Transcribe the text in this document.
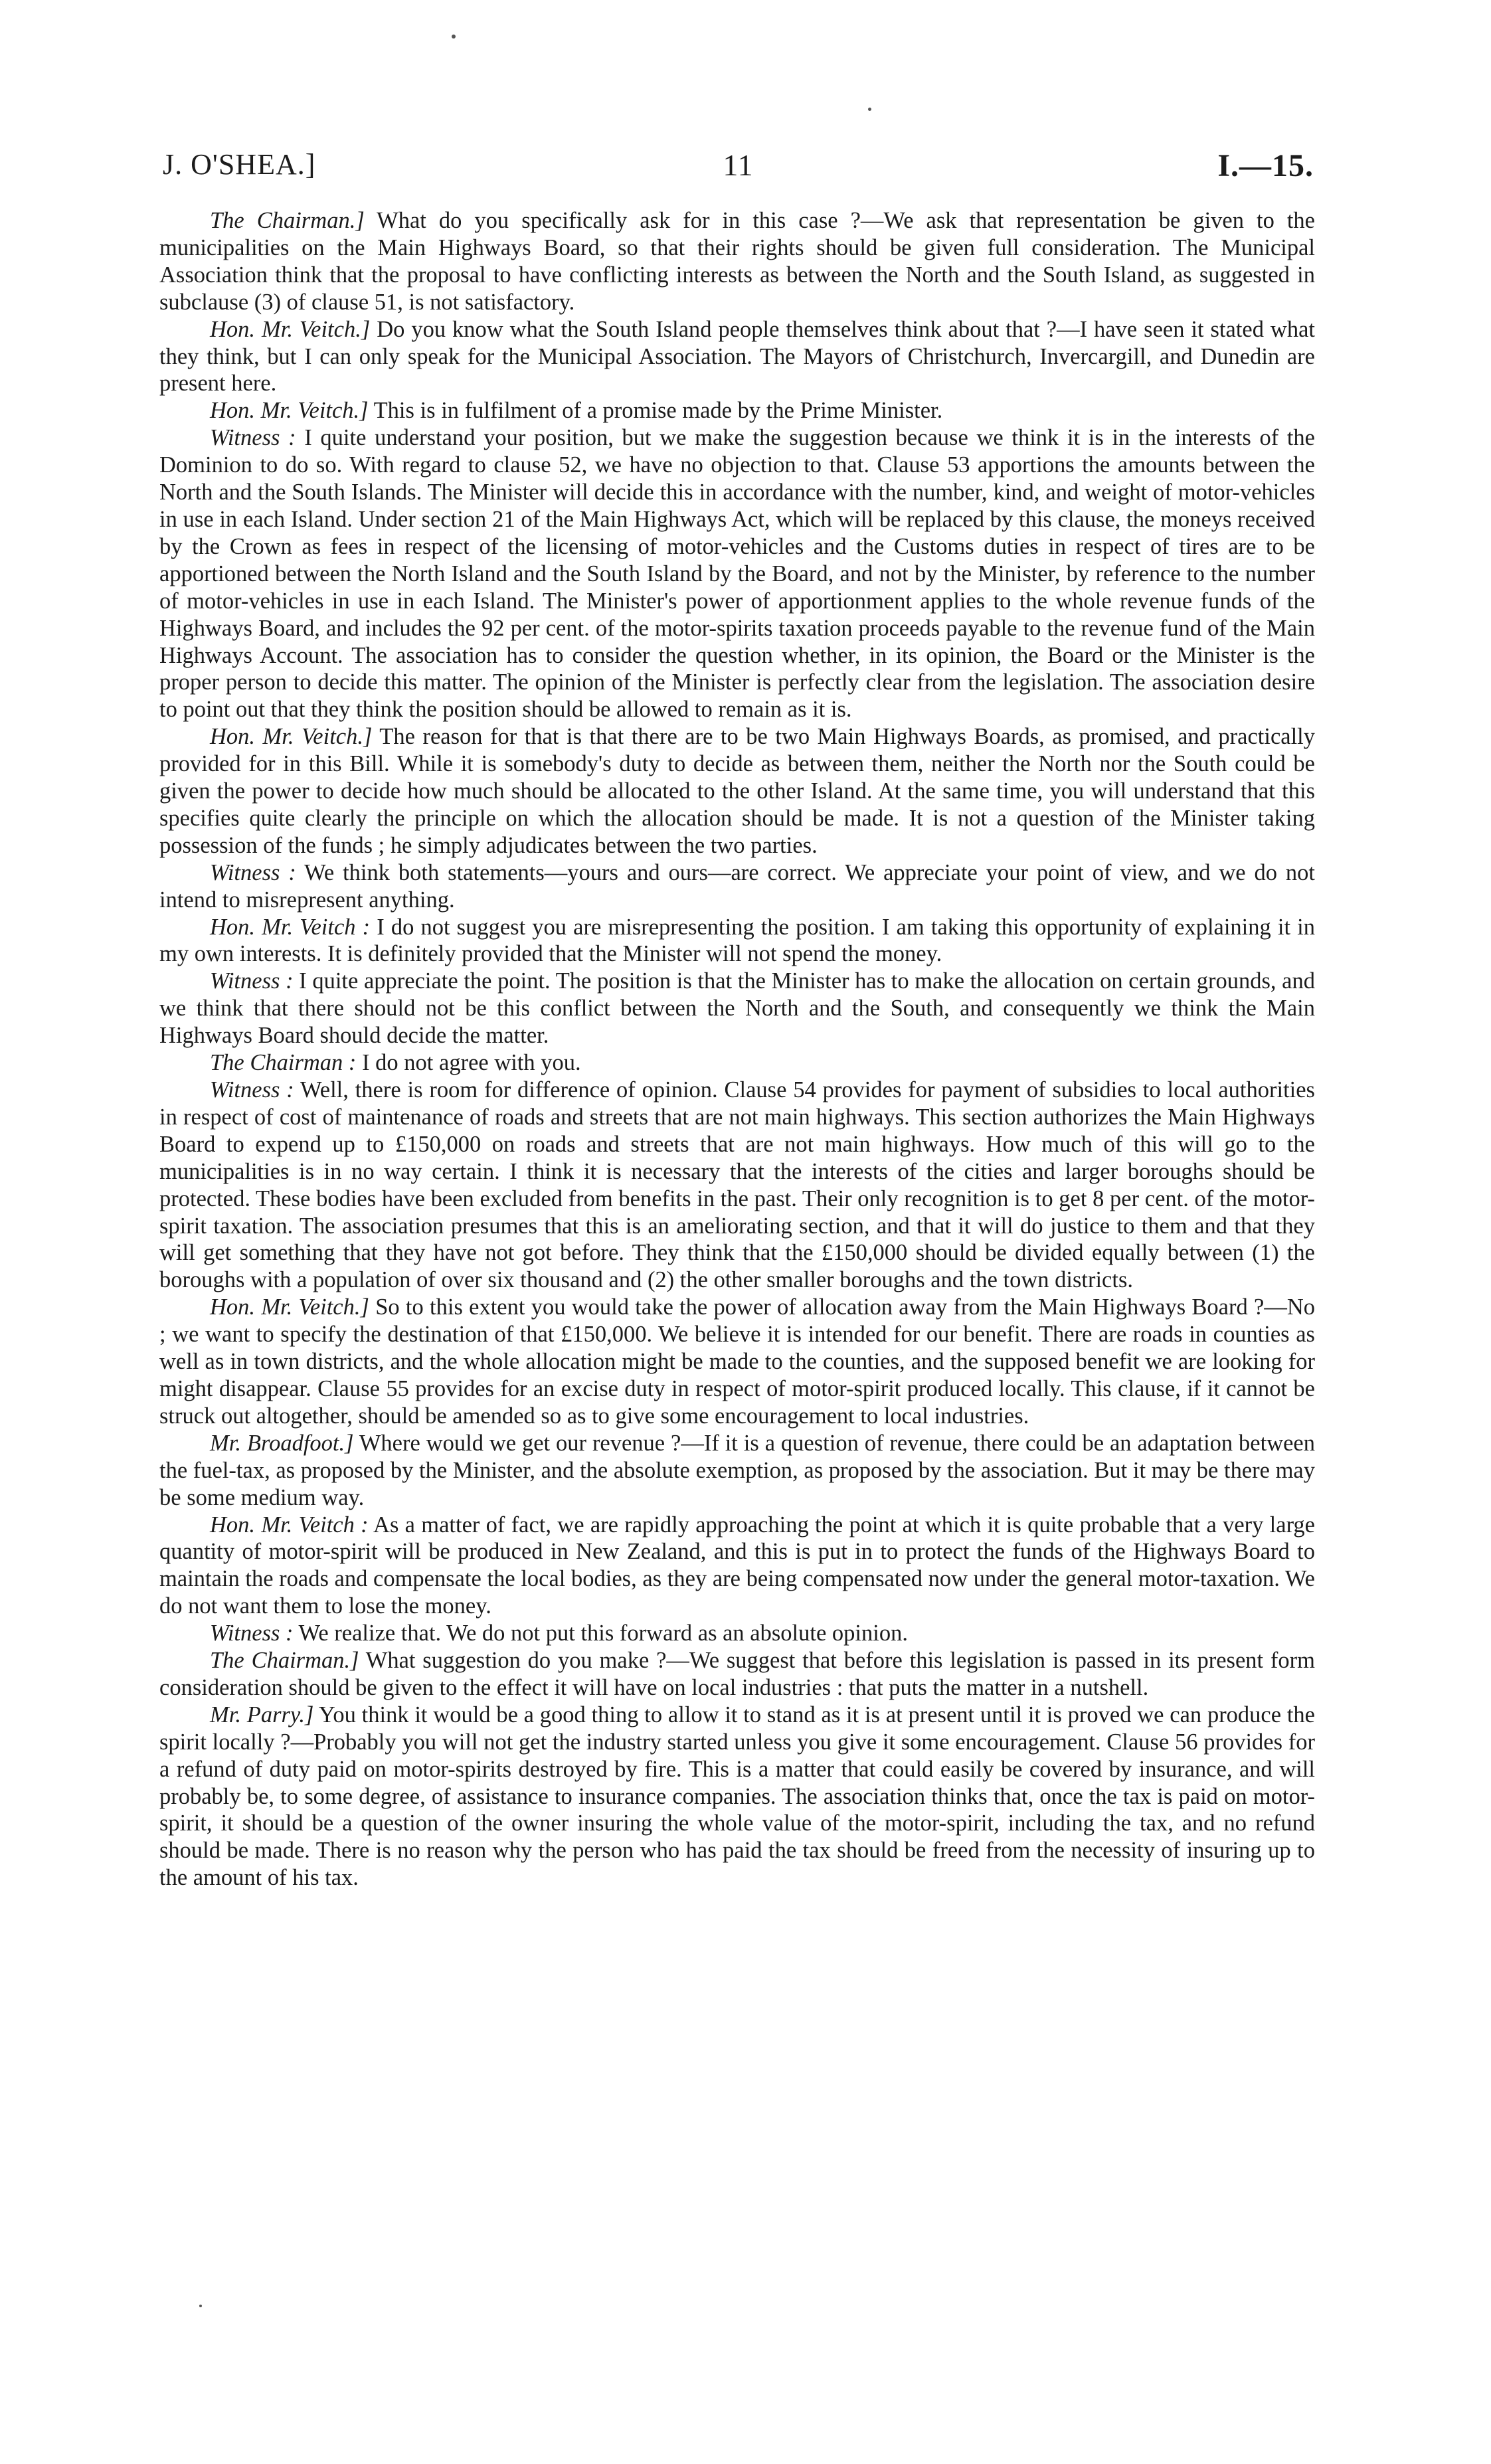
J. O'SHEA.]	11	I.—15.

The Chairman.] What do you specifically ask for in this case ?—We ask that representation be given to the municipalities on the Main Highways Board, so that their rights should be given full consideration. The Municipal Association think that the proposal to have conflicting interests as between the North and the South Island, as suggested in subclause (3) of clause 51, is not satisfactory.

Hon. Mr. Veitch.] Do you know what the South Island people themselves think about that ?—I have seen it stated what they think, but I can only speak for the Municipal Association. The Mayors of Christchurch, Invercargill, and Dunedin are present here.

Hon. Mr. Veitch.] This is in fulfilment of a promise made by the Prime Minister.

Witness : I quite understand your position, but we make the suggestion because we think it is in the interests of the Dominion to do so. With regard to clause 52, we have no objection to that. Clause 53 apportions the amounts between the North and the South Islands. The Minister will decide this in accordance with the number, kind, and weight of motor-vehicles in use in each Island. Under section 21 of the Main Highways Act, which will be replaced by this clause, the moneys received by the Crown as fees in respect of the licensing of motor-vehicles and the Customs duties in respect of tires are to be apportioned between the North Island and the South Island by the Board, and not by the Minister, by reference to the number of motor-vehicles in use in each Island. The Minister's power of apportionment applies to the whole revenue funds of the Highways Board, and includes the 92 per cent. of the motor-spirits taxation proceeds payable to the revenue fund of the Main Highways Account. The association has to consider the question whether, in its opinion, the Board or the Minister is the proper person to decide this matter. The opinion of the Minister is perfectly clear from the legislation. The association desire to point out that they think the position should be allowed to remain as it is.

Hon. Mr. Veitch.] The reason for that is that there are to be two Main Highways Boards, as promised, and practically provided for in this Bill. While it is somebody's duty to decide as between them, neither the North nor the South could be given the power to decide how much should be allocated to the other Island. At the same time, you will understand that this specifies quite clearly the principle on which the allocation should be made. It is not a question of the Minister taking possession of the funds ; he simply adjudicates between the two parties.

Witness : We think both statements—yours and ours—are correct. We appreciate your point of view, and we do not intend to misrepresent anything.

Hon. Mr. Veitch : I do not suggest you are misrepresenting the position. I am taking this opportunity of explaining it in my own interests. It is definitely provided that the Minister will not spend the money.

Witness : I quite appreciate the point. The position is that the Minister has to make the allocation on certain grounds, and we think that there should not be this conflict between the North and the South, and consequently we think the Main Highways Board should decide the matter.

The Chairman : I do not agree with you.

Witness : Well, there is room for difference of opinion. Clause 54 provides for payment of subsidies to local authorities in respect of cost of maintenance of roads and streets that are not main highways. This section authorizes the Main Highways Board to expend up to £150,000 on roads and streets that are not main highways. How much of this will go to the municipalities is in no way certain. I think it is necessary that the interests of the cities and larger boroughs should be protected. These bodies have been excluded from benefits in the past. Their only recognition is to get 8 per cent. of the motor-spirit taxation. The association presumes that this is an ameliorating section, and that it will do justice to them and that they will get something that they have not got before. They think that the £150,000 should be divided equally between (1) the boroughs with a population of over six thousand and (2) the other smaller boroughs and the town districts.

Hon. Mr. Veitch.] So to this extent you would take the power of allocation away from the Main Highways Board ?—No ; we want to specify the destination of that £150,000. We believe it is intended for our benefit. There are roads in counties as well as in town districts, and the whole allocation might be made to the counties, and the supposed benefit we are looking for might disappear. Clause 55 provides for an excise duty in respect of motor-spirit produced locally. This clause, if it cannot be struck out altogether, should be amended so as to give some encouragement to local industries.

Mr. Broadfoot.] Where would we get our revenue ?—If it is a question of revenue, there could be an adaptation between the fuel-tax, as proposed by the Minister, and the absolute exemption, as proposed by the association. But it may be there may be some medium way.

Hon. Mr. Veitch : As a matter of fact, we are rapidly approaching the point at which it is quite probable that a very large quantity of motor-spirit will be produced in New Zealand, and this is put in to protect the funds of the Highways Board to maintain the roads and compensate the local bodies, as they are being compensated now under the general motor-taxation. We do not want them to lose the money.

Witness : We realize that. We do not put this forward as an absolute opinion.

The Chairman.] What suggestion do you make ?—We suggest that before this legislation is passed in its present form consideration should be given to the effect it will have on local industries : that puts the matter in a nutshell.

Mr. Parry.] You think it would be a good thing to allow it to stand as it is at present until it is proved we can produce the spirit locally ?—Probably you will not get the industry started unless you give it some encouragement. Clause 56 provides for a refund of duty paid on motor-spirits destroyed by fire. This is a matter that could easily be covered by insurance, and will probably be, to some degree, of assistance to insurance companies. The association thinks that, once the tax is paid on motor-spirit, it should be a question of the owner insuring the whole value of the motor-spirit, including the tax, and no refund should be made. There is no reason why the person who has paid the tax should be freed from the necessity of insuring up to the amount of his tax.
